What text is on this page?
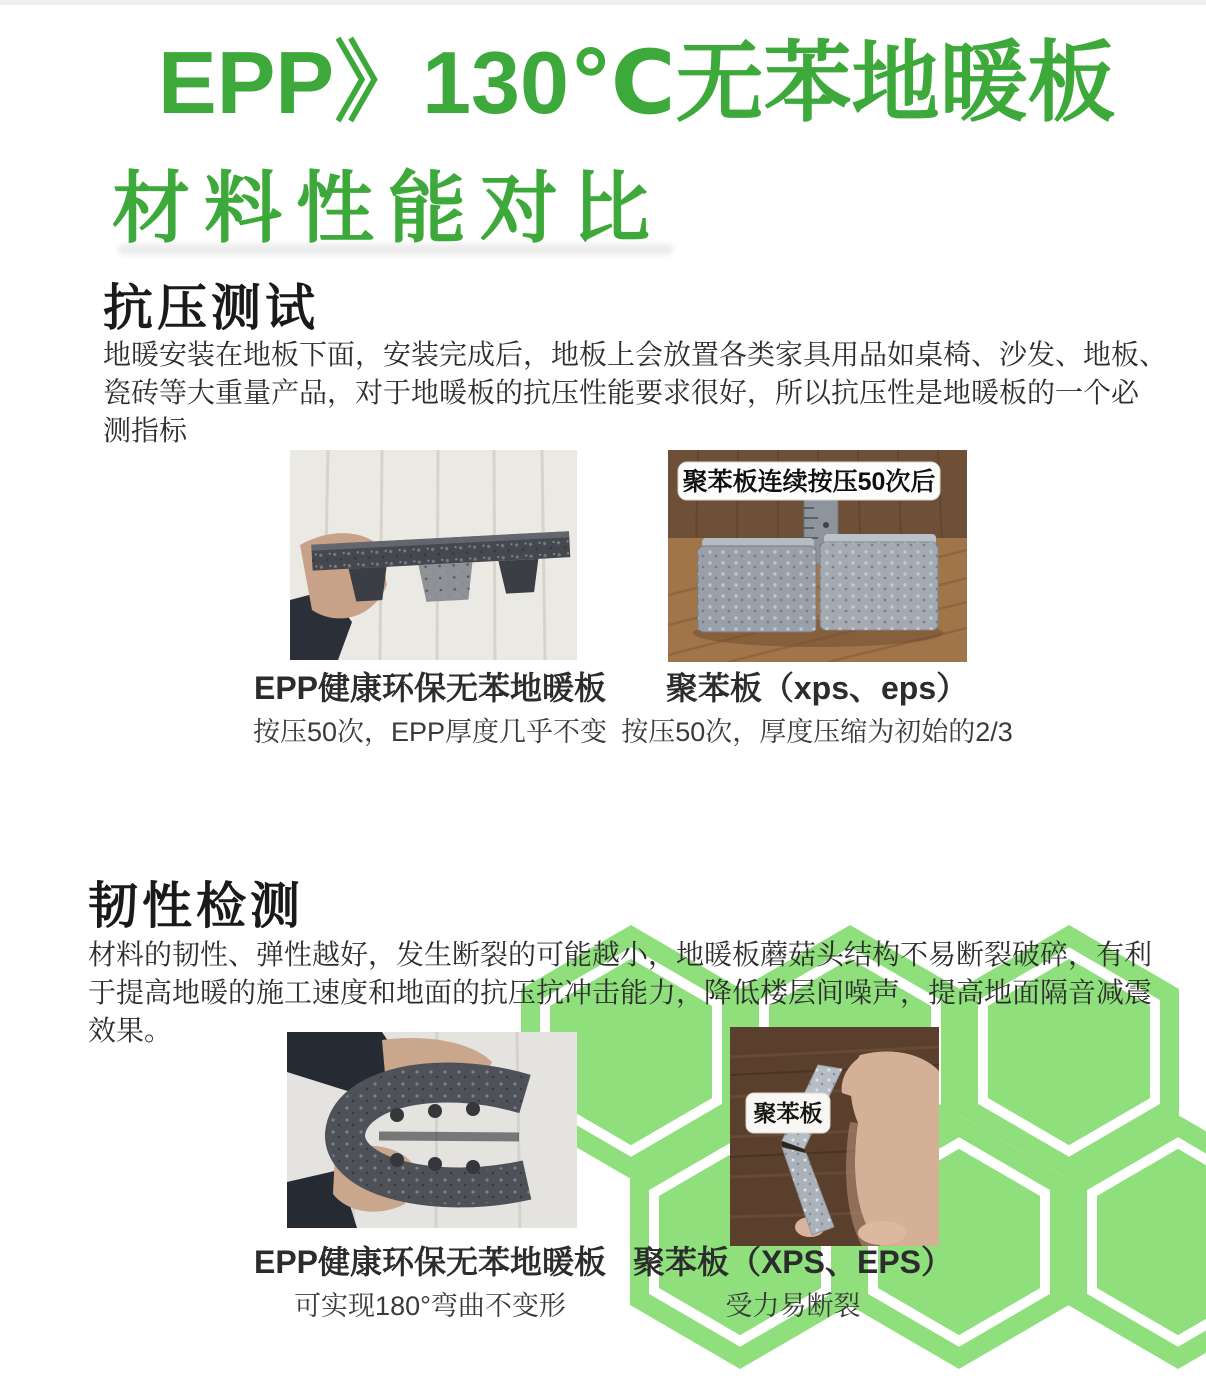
EPP》130℃无苯地暖板
材料性能对比
抗压测试
地暖安装在地板下面，安装完成后，地板上会放置各类家具用品如桌椅、沙发、地板、
瓷砖等大重量产品，对于地暖板的抗压性能要求很好，所以抗压性是地暖板的一个必
测指标
聚苯板连续按压50次后
EPP健康环保无苯地暖板
按压50次，EPP厚度几乎不变
聚苯板（xps、eps）
按压50次，厚度压缩为初始的2/3
韧性检测
材料的韧性、弹性越好，发生断裂的可能越小，地暖板蘑菇头结构不易断裂破碎，有利
于提高地暖的施工速度和地面的抗压抗冲击能力，降低楼层间噪声，提高地面隔音减震
效果。
聚苯板
EPP健康环保无苯地暖板
可实现180°弯曲不变形
聚苯板（XPS、EPS）
受力易断裂
